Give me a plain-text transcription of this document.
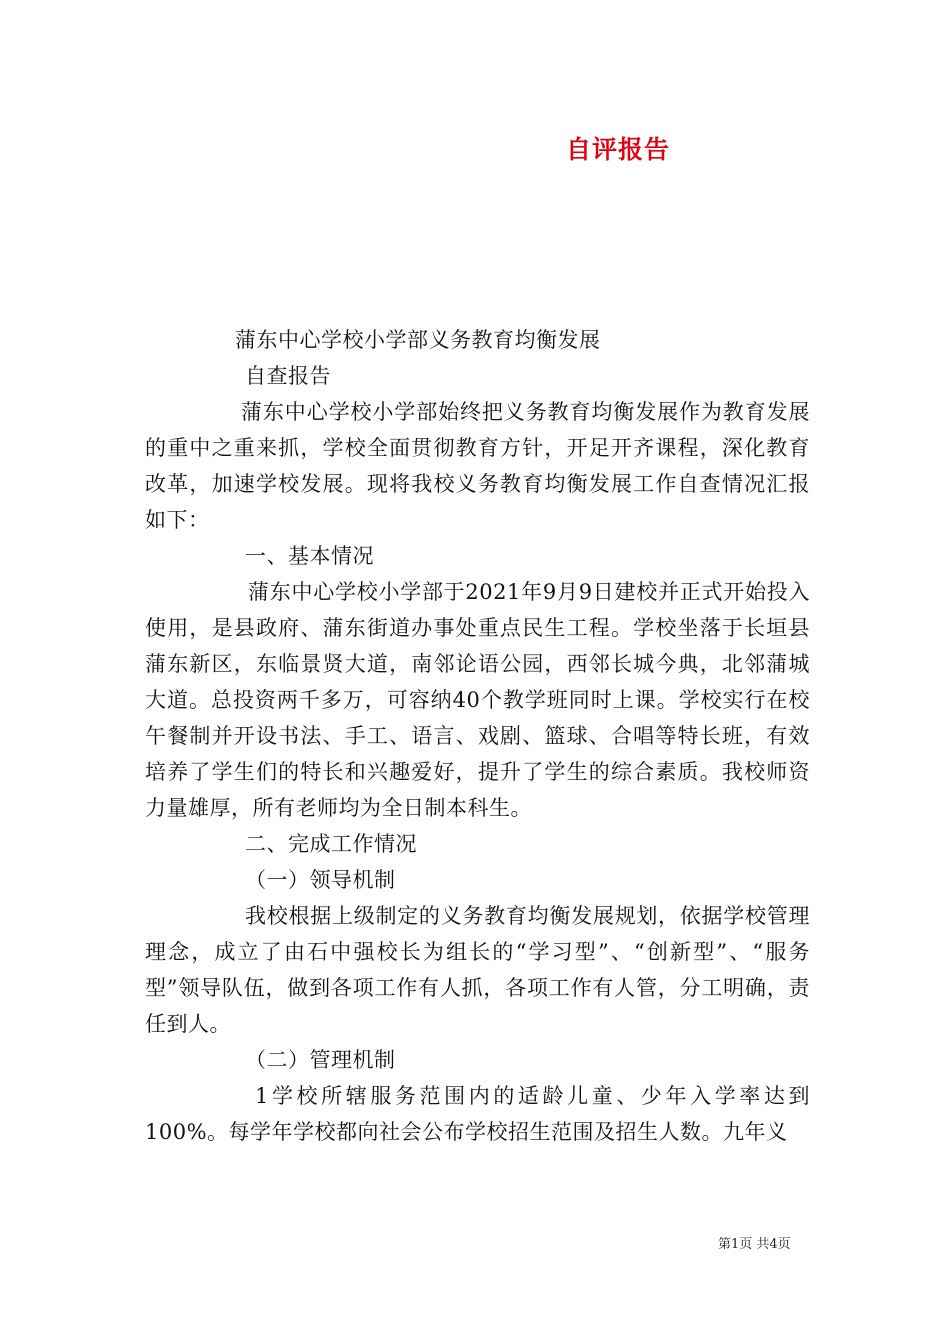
自评报告

蒲东中心学校小学部义务教育均衡发展

自查报告

蒲东中心学校小学部始终把义务教育均衡发展作为教育发展的重中之重来抓，学校全面贯彻教育方针，开足开齐课程，深化教育改革，加速学校发展。现将我校义务教育均衡发展工作自查情况汇报如下：

一、基本情况

蒲东中心学校小学部于2021年9月9日建校并正式开始投入使用，是县政府、蒲东街道办事处重点民生工程。学校坐落于长垣县蒲东新区，东临景贤大道，南邻论语公园，西邻长城今典，北邻蒲城大道。总投资两千多万，可容纳40个教学班同时上课。学校实行在校午餐制并开设书法、手工、语言、戏剧、篮球、合唱等特长班，有效培养了学生们的特长和兴趣爱好，提升了学生的综合素质。我校师资力量雄厚，所有老师均为全日制本科生。

二、完成工作情况

（一）领导机制

我校根据上级制定的义务教育均衡发展规划，依据学校管理理念，成立了由石中强校长为组长的“学习型”、“创新型”、“服务型”领导队伍，做到各项工作有人抓，各项工作有人管，分工明确，责任到人。

（二）管理机制

1学校所辖服务范围内的适龄儿童、少年入学率达到100%。每学年学校都向社会公布学校招生范围及招生人数。九年义

第1页 共4页
